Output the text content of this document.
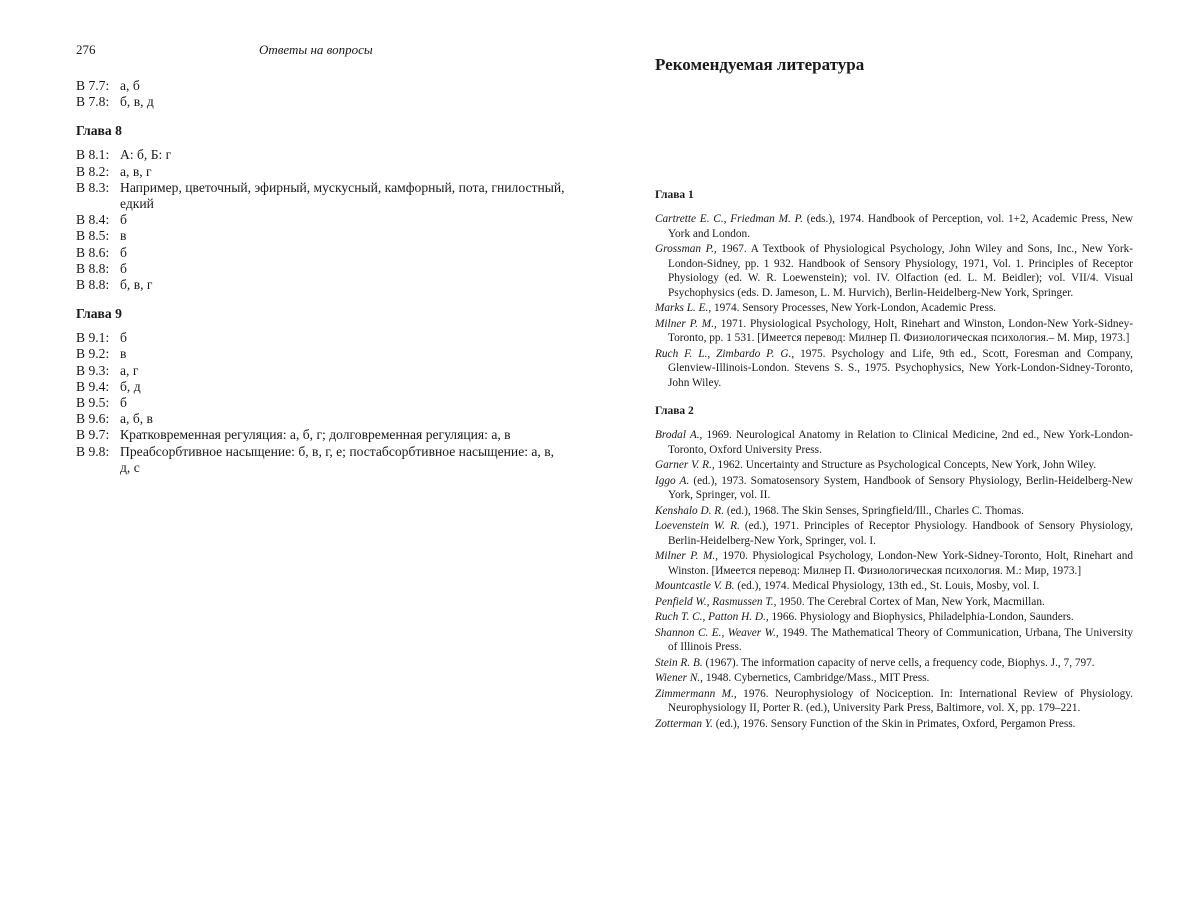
276	Ответы на вопросы
В 7.7: а, б
В 7.8: б, в, д
Глава 8
В 8.1: А: б, Б: г
В 8.2: а, в, г
В 8.3: Например, цветочный, эфирный, мускусный, камфорный, пота, гнилостный, едкий
В 8.4: б
В 8.5: в
В 8.6: б
В 8.8: б
В 8.8: б, в, г
Глава 9
В 9.1: б
В 9.2: в
В 9.3: а, г
В 9.4: б, д
В 9.5: б
В 9.6: а, б, в
В 9.7: Кратковременная регуляция: а, б, г; долговременная регуляция: а, в
В 9.8: Преабсорбтивное насыщение: б, в, г, е; постабсорбтивное насыщение: а, в, д, с
Рекомендуемая литература
Глава 1

Cartrette E. C., Friedman M. P. (eds.), 1974. Handbook of Perception, vol. 1+2, Academic Press, New York and London.

Grossman P., 1967. A Textbook of Physiological Psychology, John Wiley and Sons, Inc., New York-London-Sidney, pp. 1 932. Handbook of Sensory Physiology, 1971, Vol. 1. Principles of Receptor Physiology (ed. W. R. Loewenstein); vol. IV. Olfaction (ed. L. M. Beidler); vol. VII/4. Visual Psychophysics (eds. D. Jameson, L. M. Hurvich), Berlin-Heidelberg-New York, Springer.

Marks L. E., 1974. Sensory Processes, New York-London, Academic Press.

Milner P. M., 1971. Physiological Psychology, Holt, Rinehart and Winston, London-New York-Sidney-Toronto, pp. 1 531. [Имеется перевод: Милнер П. Физиологическая психология.– М. Мир, 1973.]

Ruch F. L., Zimbardo P. G., 1975. Psychology and Life, 9th ed., Scott, Foresman and Company, Glenview-Illinois-London. Stevens S. S., 1975. Psychophysics, New York-London-Sidney-Toronto, John Wiley.

Глава 2

Brodal A., 1969. Neurological Anatomy in Relation to Clinical Medicine, 2nd ed., New York-London-Toronto, Oxford University Press.

Garner V. R., 1962. Uncertainty and Structure as Psychological Concepts, New York, John Wiley.

Iggo A. (ed.), 1973. Somatosensory System, Handbook of Sensory Physiology, Berlin-Heidelberg-New York, Springer, vol. II.

Kenshalo D. R. (ed.), 1968. The Skin Senses, Springfield/Ill., Charles C. Thomas.

Loevenstein W. R. (ed.), 1971. Principles of Receptor Physiology. Handbook of Sensory Physiology, Berlin-Heidelberg-New York, Springer, vol. I.

Milner P. M., 1970. Physiological Psychology, London-New York-Sidney-Toronto, Holt, Rinehart and Winston. [Имеется перевод: Милнер П. Физиологическая психология. М.: Мир, 1973.]

Mountcastle V. B. (ed.), 1974. Medical Physiology, 13th ed., St. Louis, Mosby, vol. I.

Penfield W., Rasmussen T., 1950. The Cerebral Cortex of Man, New York, Macmillan.

Ruch T. C., Patton H. D., 1966. Physiology and Biophysics, Philadelphia-London, Saunders.

Shannon C. E., Weaver W., 1949. The Mathematical Theory of Communication, Urbana, The University of Illinois Press.

Stein R. B. (1967). The information capacity of nerve cells, a frequency code, Biophys. J., 7, 797.

Wiener N., 1948. Cybernetics, Cambridge/Mass., MIT Press.

Zimmermann M., 1976. Neurophysiology of Nociception. In: International Review of Physiology. Neurophysiology II, Porter R. (ed.), University Park Press, Baltimore, vol. X, pp. 179–221.

Zotterman Y. (ed.), 1976. Sensory Function of the Skin in Primates, Oxford, Pergamon Press.
